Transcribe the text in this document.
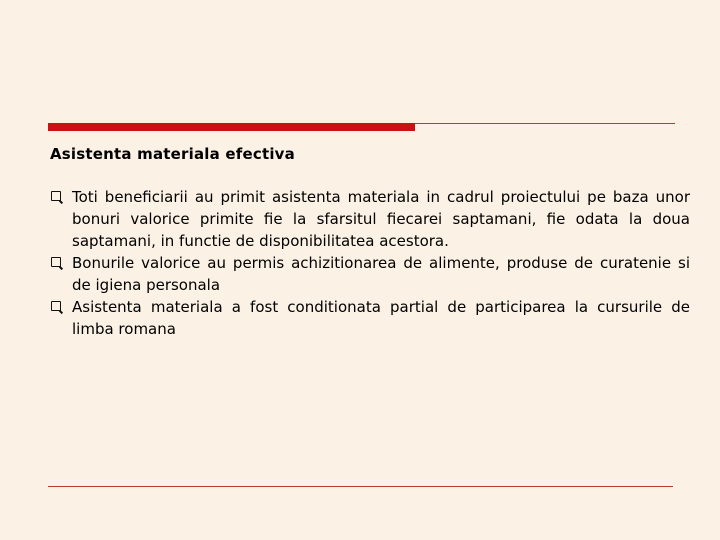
Asistenta materiala efectiva
Toti beneficiarii au primit asistenta materiala in cadrul proiectului pe baza unor bonuri valorice primite fie la sfarsitul fiecarei saptamani, fie odata la doua saptamani, in functie de disponibilitatea acestora.
Bonurile valorice au permis achizitionarea de alimente, produse de curatenie si de igiena personala
Asistenta materiala a fost conditionata partial de participarea la cursurile de limba romana
